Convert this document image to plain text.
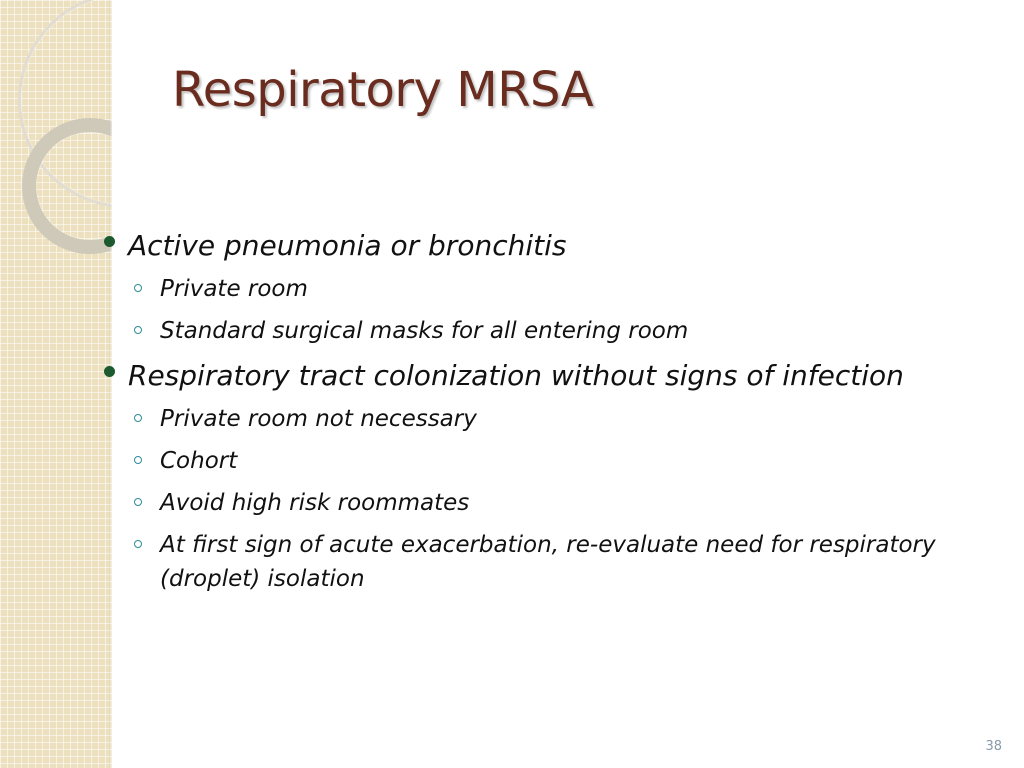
Respiratory MRSA
Active pneumonia or bronchitis
Private room
Standard surgical masks for all entering room
Respiratory tract colonization without signs of infection
Private room not necessary
Cohort
Avoid high risk roommates
At first sign of acute exacerbation, re-evaluate need for respiratory (droplet) isolation
38
